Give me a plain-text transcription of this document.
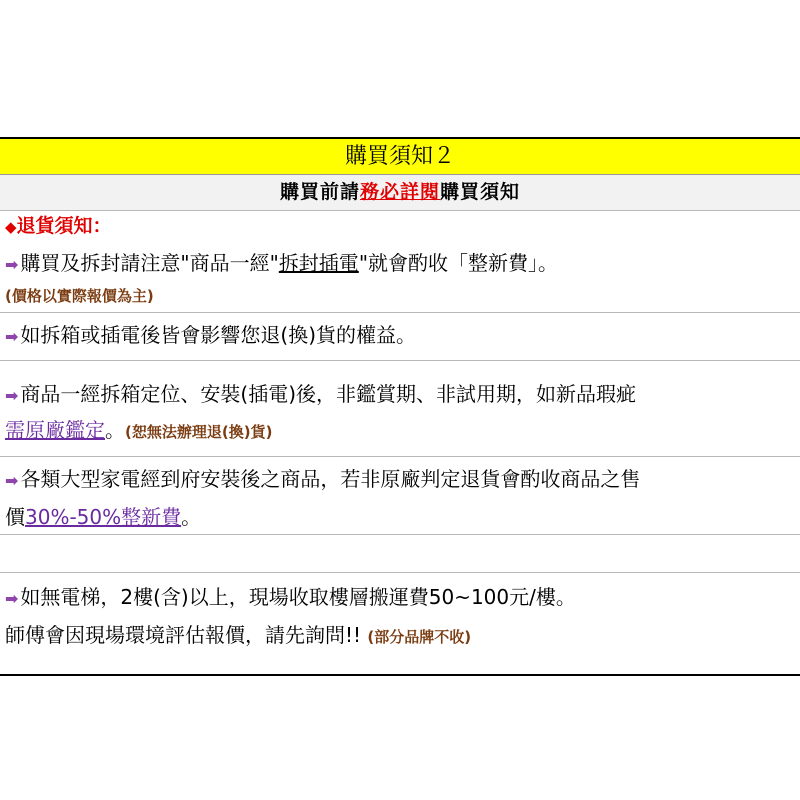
購買須知２
購買前請務必詳閱購買須知
◆退貨須知：
➡ 購買及拆封請注意"商品一經"拆封插電"就會酌收「整新費」。
(價格以實際報價為主)
➡ 如拆箱或插電後皆會影響您退(換)貨的權益。
➡ 商品一經拆箱定位、安裝(插電)後，非鑑賞期、非試用期，如新品瑕疵
需原廠鑑定。(恕無法辦理退(換)貨)
➡ 各類大型家電經到府安裝後之商品，若非原廠判定退貨會酌收商品之售
價30%-50%整新費。
➡ 如無電梯，2樓(含)以上，現場收取樓層搬運費50~100元/樓。
師傅會因現場環境評估報價，請先詢問!! (部分品牌不收)
